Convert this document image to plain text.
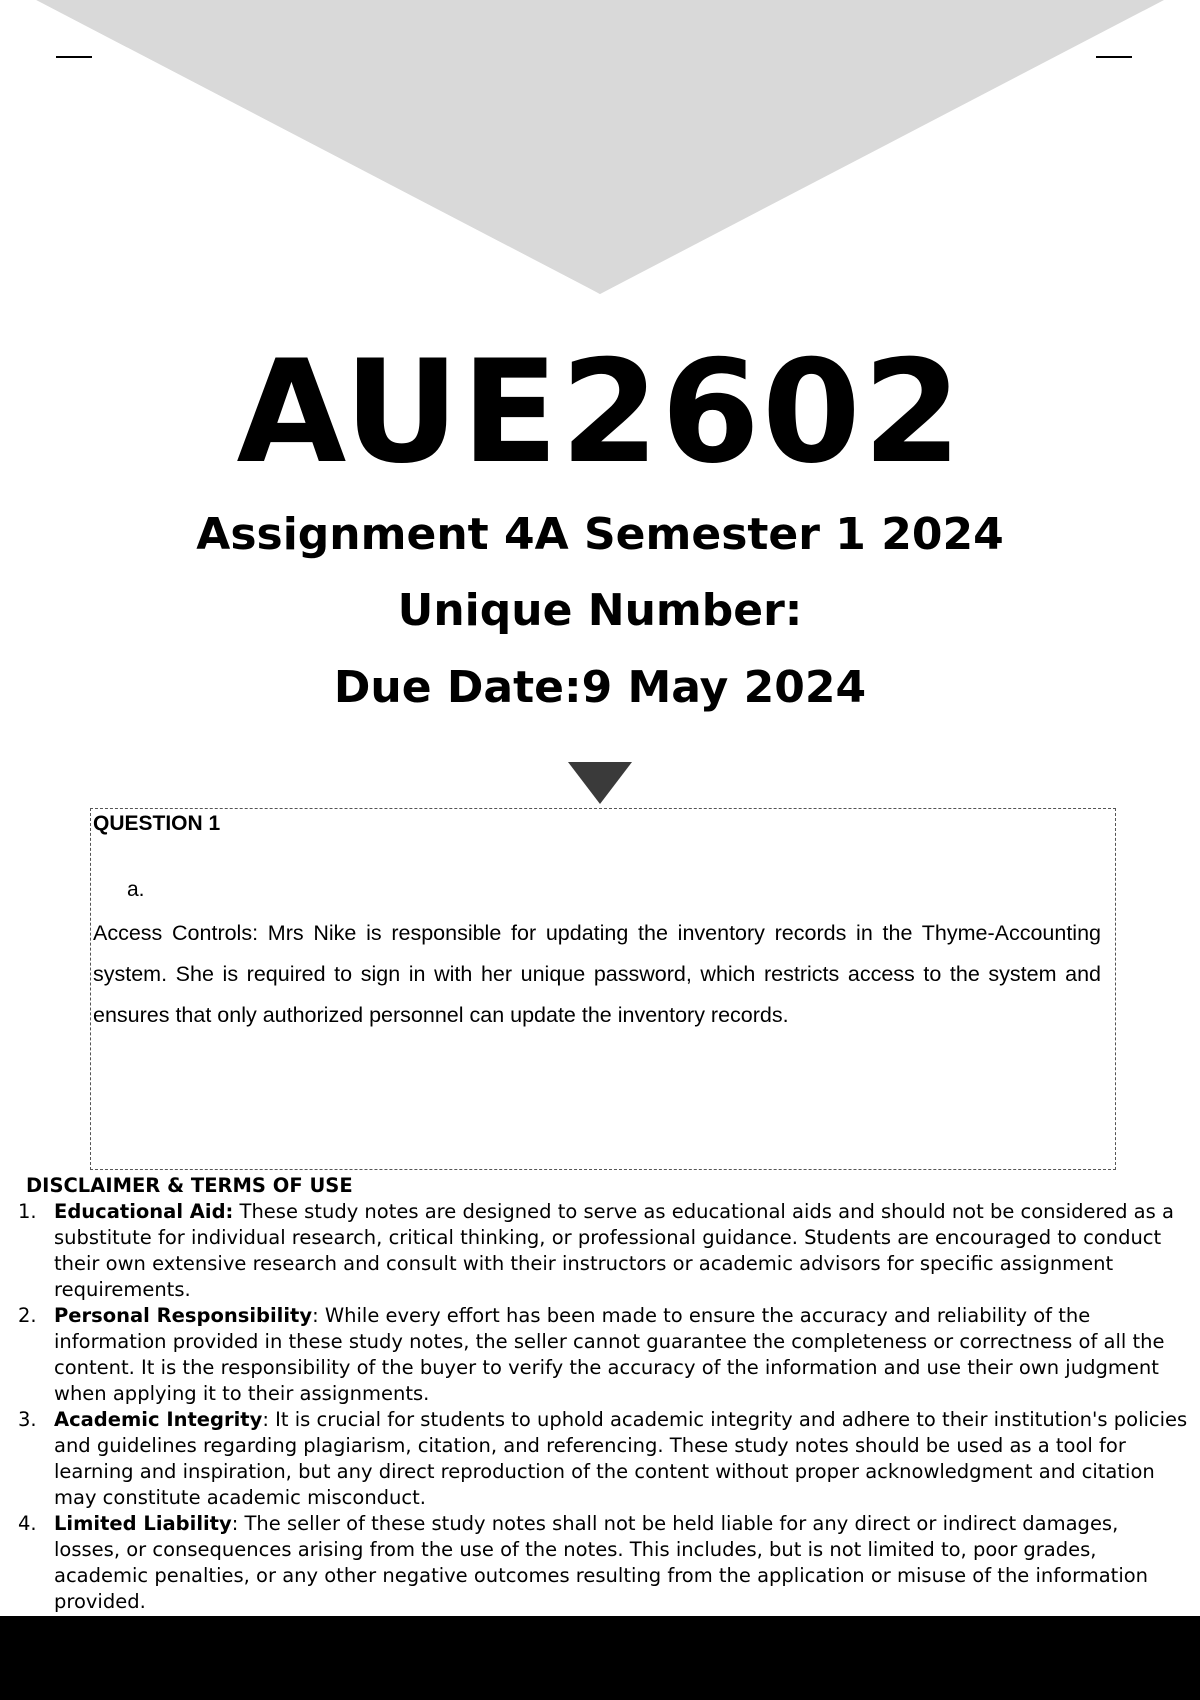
AUE2602
Assignment 4A Semester 1 2024
Unique Number:
Due Date:9 May 2024
QUESTION 1
a.

Access Controls: Mrs Nike is responsible for updating the inventory records in the Thyme-Accounting system. She is required to sign in with her unique password, which restricts access to the system and ensures that only authorized personnel can update the inventory records.

DISCLAIMER & TERMS OF USE
1. Educational Aid: These study notes are designed to serve as educational aids and should not be considered as a substitute for individual research, critical thinking, or professional guidance. Students are encouraged to conduct their own extensive research and consult with their instructors or academic advisors for specific assignment requirements.
2. Personal Responsibility: While every effort has been made to ensure the accuracy and reliability of the information provided in these study notes, the seller cannot guarantee the completeness or correctness of all the content. It is the responsibility of the buyer to verify the accuracy of the information and use their own judgment when applying it to their assignments.
3. Academic Integrity: It is crucial for students to uphold academic integrity and adhere to their institution's policies and guidelines regarding plagiarism, citation, and referencing. These study notes should be used as a tool for learning and inspiration, but any direct reproduction of the content without proper acknowledgment and citation may constitute academic misconduct.
4. Limited Liability: The seller of these study notes shall not be held liable for any direct or indirect damages, losses, or consequences arising from the use of the notes. This includes, but is not limited to, poor grades, academic penalties, or any other negative outcomes resulting from the application or misuse of the information provided.
